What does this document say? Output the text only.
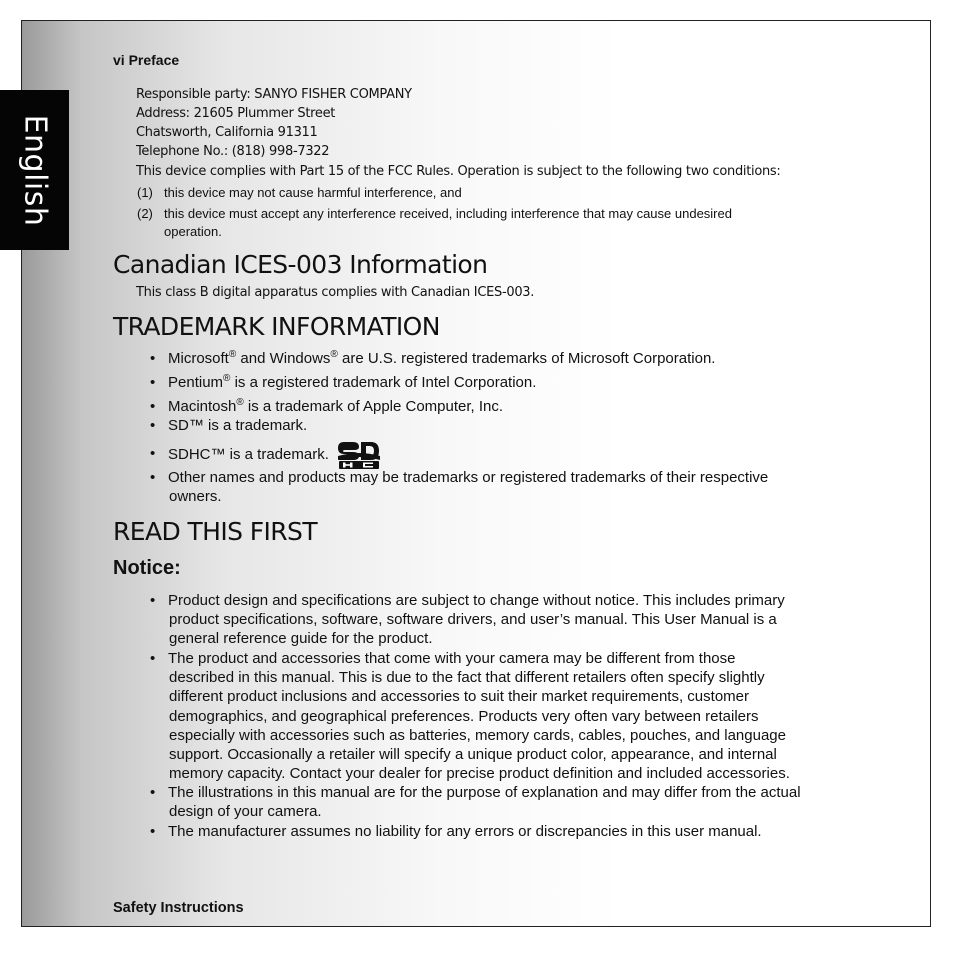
English
vi Preface
Responsible party: SANYO FISHER COMPANY
Address: 21605 Plummer Street
Chatsworth, California 91311
Telephone No.: (818) 998-7322
This device complies with Part 15 of the FCC Rules. Operation is subject to the following two conditions:
(1) this device may not cause harmful interference, and
(2) this device must accept any interference received, including interference that may cause undesired
operation.
Canadian ICES-003 Information
This class B digital apparatus complies with Canadian ICES-003.
TRADEMARK INFORMATION
• Microsoft® and Windows® are U.S. registered trademarks of Microsoft Corporation.
• Pentium® is a registered trademark of Intel Corporation.
• Macintosh® is a trademark of Apple Computer, Inc.
• SD™ is a trademark.
• SDHC™ is a trademark.
• Other names and products may be trademarks or registered trademarks of their respective
owners.
READ THIS FIRST
Notice:
• Product design and specifications are subject to change without notice. This includes primary
product specifications, software, software drivers, and user’s manual. This User Manual is a
general reference guide for the product.
• The product and accessories that come with your camera may be different from those
described in this manual. This is due to the fact that different retailers often specify slightly
different product inclusions and accessories to suit their market requirements, customer
demographics, and geographical preferences. Products very often vary between retailers
especially with accessories such as batteries, memory cards, cables, pouches, and language
support. Occasionally a retailer will specify a unique product color, appearance, and internal
memory capacity. Contact your dealer for precise product definition and included accessories.
• The illustrations in this manual are for the purpose of explanation and may differ from the actual
design of your camera.
• The manufacturer assumes no liability for any errors or discrepancies in this user manual.
Safety Instructions
